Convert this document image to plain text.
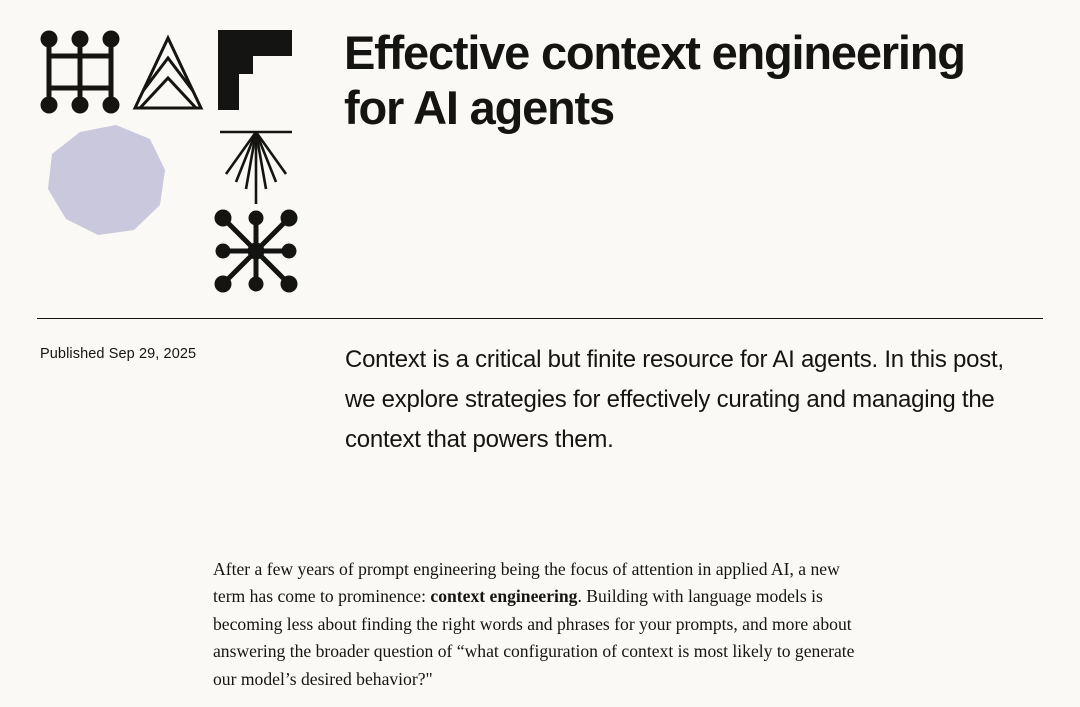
Effective context engineering for AI agents
Published Sep 29, 2025	Context is a critical but finite resource for AI agents. In this post, we explore strategies for effectively curating and managing the context that powers them.

After a few years of prompt engineering being the focus of attention in applied AI, a new term has come to prominence: context engineering. Building with language models is becoming less about finding the right words and phrases for your prompts, and more about answering the broader question of “what configuration of context is most likely to generate our model’s desired behavior?"
